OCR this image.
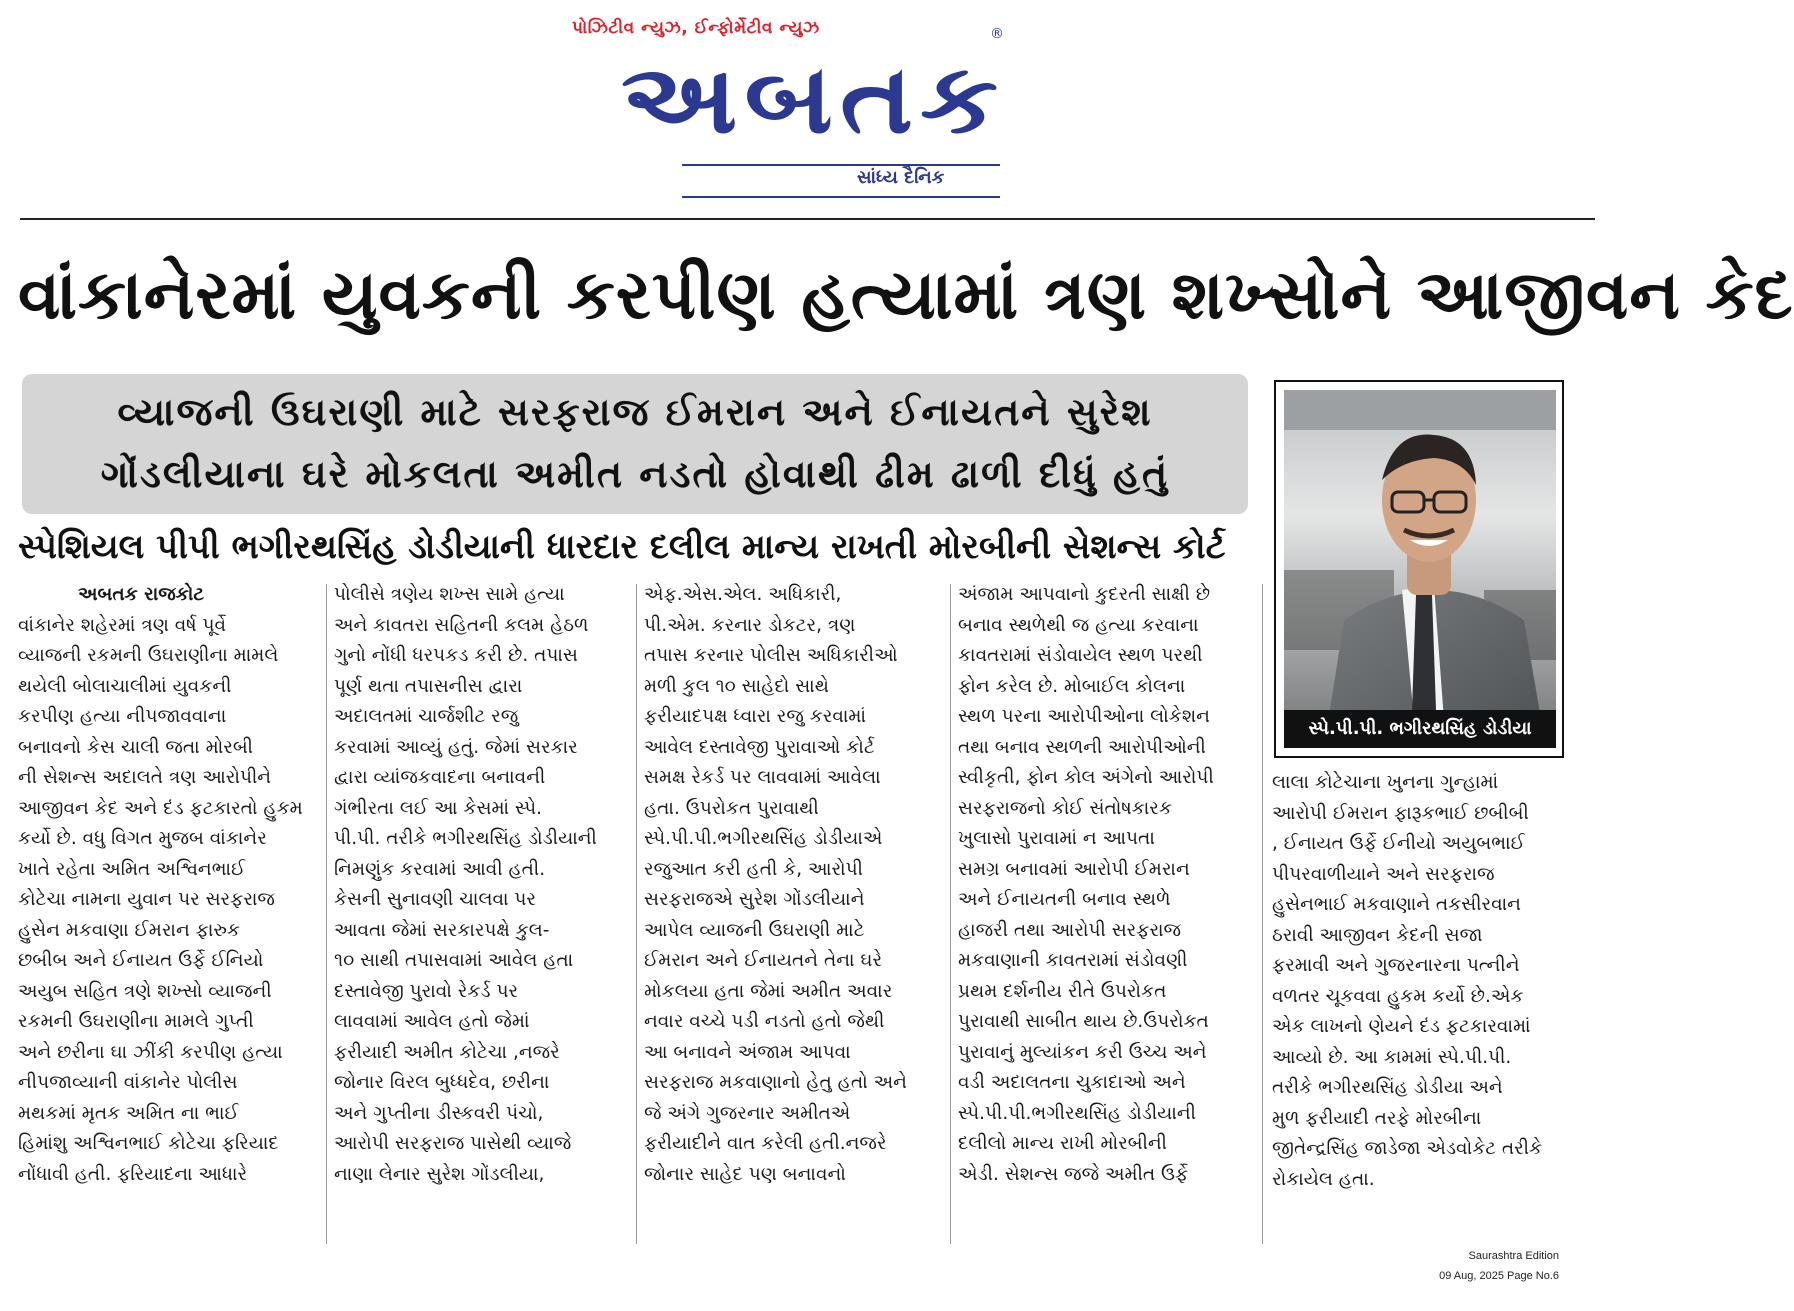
પોઝિટીવ ન્યુઝ, ઈન્ફોર્મેટીવ ન્યુઝ
અબતક
®
સાંધ્ય દૈનિક
વાંકાનેરમાં યુવકની કરપીણ હત્યામાં ત્રણ શખ્સોને આજીવન કેદ
વ્યાજની ઉઘરાણી માટે સરફરાજ ઈમરાન અને ઈનાયતને સુરેશ
ગોંડલીયાના ઘરે મોકલતા અમીત નડતો હોવાથી ઢીમ ઢાળી દીધું હતું
સ્પેશિયલ પીપી ભગીરથસિંહ ડોડીયાની ધારદાર દલીલ માન્ય રાખતી મોરબીની સેશન્સ કોર્ટ
સ્પે.પી.પી. ભગીરથસિંહ ડોડીયા
અબતક રાજકોટ
વાંકાનેર શહેરમાં ત્રણ વર્ષ પૂર્વે
વ્યાજની રકમની ઉઘરાણીના મામલે
થયેલી બોલાચાલીમાં યુવકની
કરપીણ હત્યા નીપજાવવાના
બનાવનો કેસ ચાલી જતા મોરબી
ની સેશન્સ અદાલતે ત્રણ આરોપીને
આજીવન કેદ અને દંડ ફટકારતો હુકમ
કર્યો છે. વધુ વિગત મુજબ વાંકાનેર
ખાતે રહેતા અમિત અશ્વિનભાઈ
કોટેચા નામના યુવાન પર સરફરાજ
હુસેન મકવાણા ઈમરાન ફારુક
છબીબ અને ઈનાયત ઉર્ફે ઈનિયો
અયુબ સહિત ત્રણે શખ્સો વ્યાજની
રકમની ઉઘરાણીના મામલે ગુપ્તી
અને છરીના ઘા ઝીંકી કરપીણ હત્યા
નીપજાવ્યાની વાંકાનેર પોલીસ
મથકમાં મૃતક અમિત ના ભાઈ
હિમાંશુ અશ્વિનભાઈ કોટેચા ફરિયાદ
નોંધાવી હતી. ફરિયાદના આધારે
પોલીસે ત્રણેય શખ્સ સામે હત્યા
અને કાવતરા સહિતની કલમ હેઠળ
ગુનો નોંધી ધરપકડ કરી છે. તપાસ
પૂર્ણ થતા તપાસનીસ દ્વારા
અદાલતમાં ચાર્જશીટ રજુ
કરવામાં આવ્યું હતું. જેમાં સરકાર
દ્વારા વ્યાંજકવાદના બનાવની
ગંભીરતા લઈ આ કેસમાં સ્પે.
પી.પી. તરીકે ભગીરથસિંહ ડોડીયાની
નિમણુંક કરવામાં આવી હતી.
કેસની સુનાવણી ચાલવા પર
આવતા જેમાં સરકારપક્ષે કુલ-
૧૦ સાથી તપાસવામાં આવેલ હતા
દસ્તાવેજી પુરાવો રેકર્ડ પર
લાવવામાં આવેલ હતો જેમાં
ફરીયાદી અમીત કોટેચા ,નજરે
જોનાર વિરલ બુધ્ધદેવ, છરીના
અને ગુપ્તીના ડીસ્કવરી પંચો,
આરોપી સરફરાજ પાસેથી વ્યાજે
નાણા લેનાર સુરેશ ગોંડલીયા,
એફ.એસ.એલ. અધિકારી,
પી.એમ. કરનાર ડોકટર, ત્રણ
તપાસ કરનાર પોલીસ અધિકારીઓ
મળી કુલ ૧૦ સાહેદો સાથે
ફરીયાદપક્ષ ધ્વારા રજુ કરવામાં
આવેલ દસ્તાવેજી પુરાવાઓ કોર્ટ
સમક્ષ રેકર્ડ પર લાવવામાં આવેલા
હતા. ઉપરોકત પુરાવાથી
સ્પે.પી.પી.ભગીરથસિંહ ડોડીયાએ
રજુઆત કરી હતી કે, આરોપી
સરફરાજએ સુરેશ ગોંડલીયાને
આપેલ વ્યાજની ઉઘરાણી માટે
ઈમરાન અને ઈનાયતને તેના ઘરે
મોકલયા હતા જેમાં અમીત અવાર
નવાર વચ્ચે પડી નડતો હતો જેથી
આ બનાવને અંજામ આપવા
સરફરાજ મકવાણાનો હેતુ હતો અને
જે અંગે ગુજરનાર અમીતએ
ફરીયાદીને વાત કરેલી હતી.નજરે
જોનાર સાહેદ પણ બનાવનો
અંજામ આપવાનો કુદરતી સાક્ષી છે
બનાવ સ્થળેથી જ હત્યા કરવાના
કાવતરામાં સંડોવાયેલ સ્થળ પરથી
ફોન કરેલ છે. મોબાઈલ કોલના
સ્થળ પરના આરોપીઓના લોકેશન
તથા બનાવ સ્થળની આરોપીઓની
સ્વીકૃતી, ફોન કોલ અંગેનો આરોપી
સરફરાજનો કોઈ સંતોષકારક
ખુલાસો પુરાવામાં ન આપતા
સમગ્ર બનાવમાં આરોપી ઈમરાન
અને ઈનાયતની બનાવ સ્થળે
હાજરી તથા આરોપી સરફરાજ
મકવાણાની કાવતરામાં સંડોવણી
પ્રથમ દર્શનીય રીતે ઉપરોકત
પુરાવાથી સાબીત થાય છે.ઉપરોકત
પુરાવાનું મુલ્યાંકન કરી ઉચ્ચ અને
વડી અદાલતના ચુકાદાઓ અને
સ્પે.પી.પી.ભગીરથસિંહ ડોડીયાની
દલીલો માન્ય રાખી મોરબીની
એડી. સેશન્સ જજે અમીત ઉર્ફે
લાલા કોટેચાના ખુનના ગુન્હામાં
આરોપી ઈમરાન ફારૂકભાઈ છબીબી
, ઈનાયત ઉર્ફે ઈનીયો અયુબભાઈ
પીપરવાળીયાને અને સરફરાજ
હુસેનભાઈ મકવાણાને તકસીરવાન
ઠરાવી આજીવન કેદની સજા
ફરમાવી અને ગુજરનારના પત્નીને
વળતર ચૂકવવા હુકમ કર્યો છે.એક
એક લાખનો ણેયને દંડ ફટકારવામાં
આવ્યો છે. આ કામમાં સ્પે.પી.પી.
તરીકે ભગીરથસિંહ ડોડીયા અને
મુળ ફરીયાદી તરફે મોરબીના
જીતેન્દ્રસિંહ જાડેજા એડવોકેટ તરીકે
રોકાયેલ હતા.
Saurashtra Edition
09 Aug, 2025 Page No.6
